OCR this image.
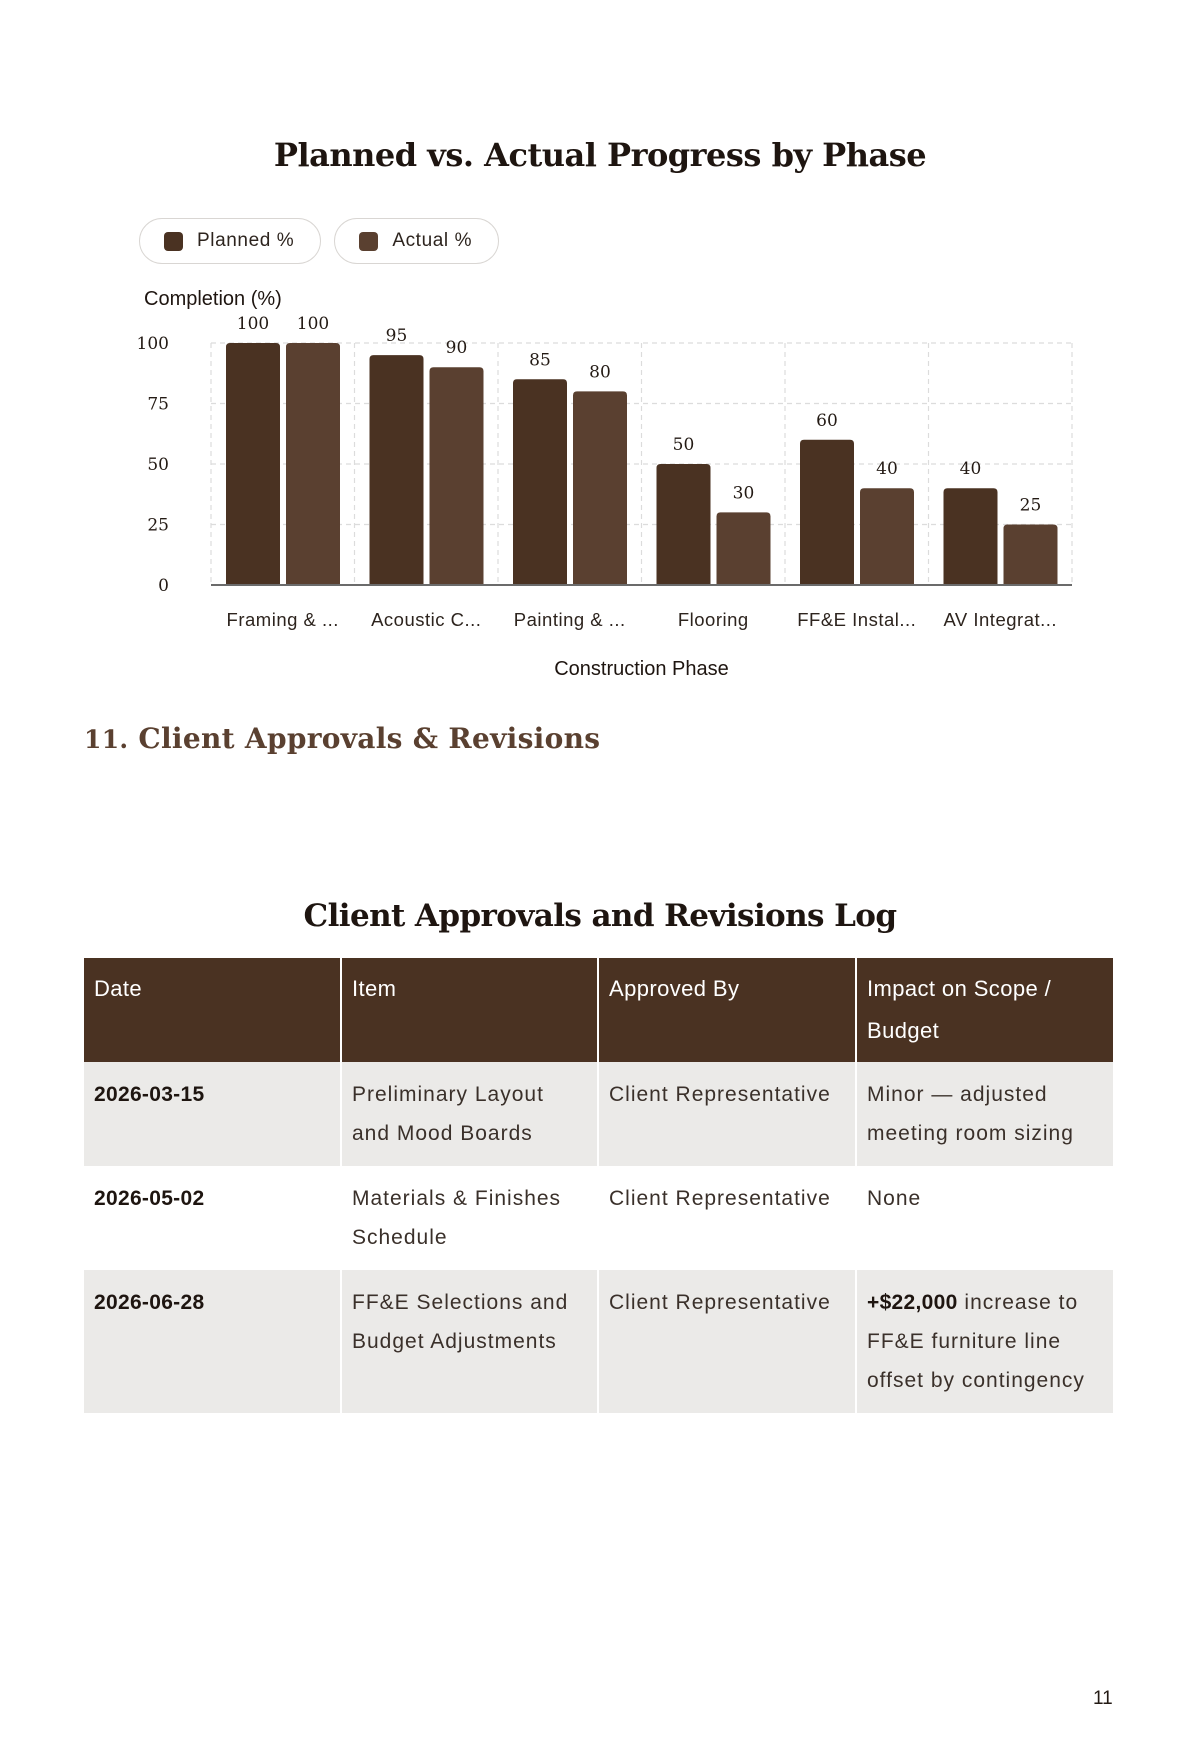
Planned vs. Actual Progress by Phase
Planned %	Actual %
0
25
50
75
100
Completion (%)
100 100
Framing & ...
95
90
Acoustic C...
85
80
Painting & ...
50
30
Flooring
60
40
FF&E Instal...
40
25
AV Integrat...
Construction Phase
11. Client Approvals & Revisions
Client Approvals and Revisions Log
Date	Item	Approved By	Impact on Scope / Budget
2026-03-15	Preliminary Layout and Mood Boards	Client Representative	Minor — adjusted meeting room sizing
2026-05-02	Materials & Finishes Schedule	Client Representative	None
2026-06-28	FF&E Selections and Budget Adjustments	Client Representative	+$22,000 increase to FF&E furniture line offset by contingency
11
